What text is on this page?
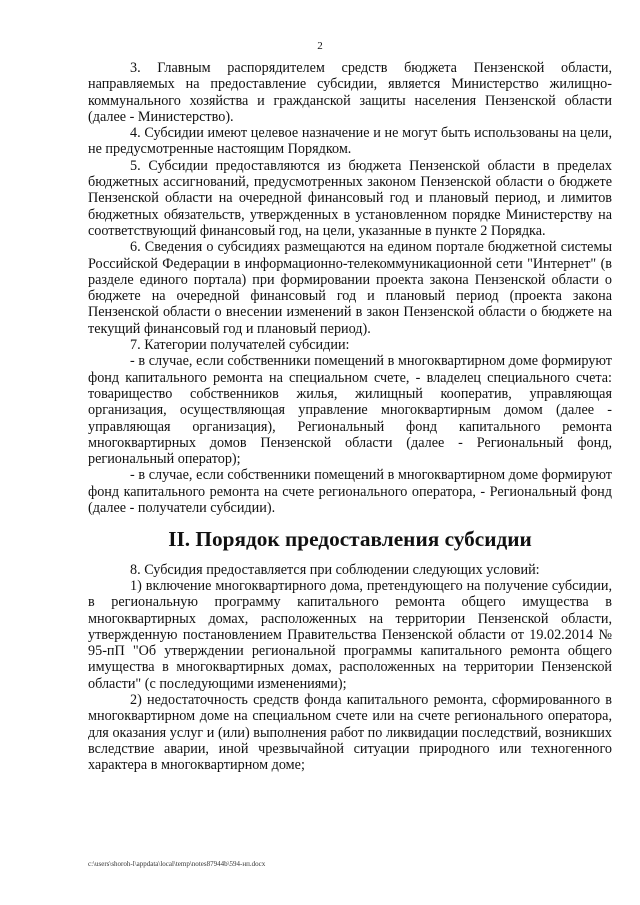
2

3. Главным распорядителем средств бюджета Пензенской области, направляемых на предоставление субсидии, является Министерство жилищно-коммунального хозяйства и гражданской защиты населения Пензенской области (далее - Министерство).

4. Субсидии имеют целевое назначение и не могут быть использованы на цели, не предусмотренные настоящим Порядком.

5. Субсидии предоставляются из бюджета Пензенской области в пределах бюджетных ассигнований, предусмотренных законом Пензенской области о бюджете Пензенской области на очередной финансовый год и плановый период, и лимитов бюджетных обязательств, утвержденных в установленном порядке Министерству на соответствующий финансовый год, на цели, указанные в пункте 2 Порядка.

6. Сведения о субсидиях размещаются на едином портале бюджетной системы Российской Федерации в информационно-телекоммуникационной сети "Интернет" (в разделе единого портала) при формировании проекта закона Пензенской области о бюджете на очередной финансовый год и плановый период (проекта закона Пензенской области о внесении изменений в закон Пензенской области о бюджете на текущий финансовый год и плановый период).

7. Категории получателей субсидии:

- в случае, если собственники помещений в многоквартирном доме формируют фонд капитального ремонта на специальном счете, - владелец специального счета: товарищество собственников жилья, жилищный кооператив, управляющая организация, осуществляющая управление многоквартирным домом (далее - управляющая организация), Региональный фонд капитального ремонта многоквартирных домов Пензенской области (далее - Региональный фонд, региональный оператор);

- в случае, если собственники помещений в многоквартирном доме формируют фонд капитального ремонта на счете регионального оператора, - Региональный фонд (далее - получатели субсидии).

II. Порядок предоставления субсидии

8. Субсидия предоставляется при соблюдении следующих условий:

1) включение многоквартирного дома, претендующего на получение субсидии, в региональную программу капитального ремонта общего имущества в многоквартирных домах, расположенных на территории Пензенской области, утвержденную постановлением Правительства Пензенской области от 19.02.2014 № 95-пП "Об утверждении региональной программы капитального ремонта общего имущества в многоквартирных домах, расположенных на территории Пензенской области" (с последующими изменениями);

2) недостаточность средств фонда капитального ремонта, сформированного в многоквартирном доме на специальном счете или на счете регионального оператора, для оказания услуг и (или) выполнения работ по ликвидации последствий, возникших вследствие аварии, иной чрезвычайной ситуации природного или техногенного характера в многоквартирном доме;

c:\users\shoroh-l\appdata\local\temp\notes87944b\594-нп.docx
